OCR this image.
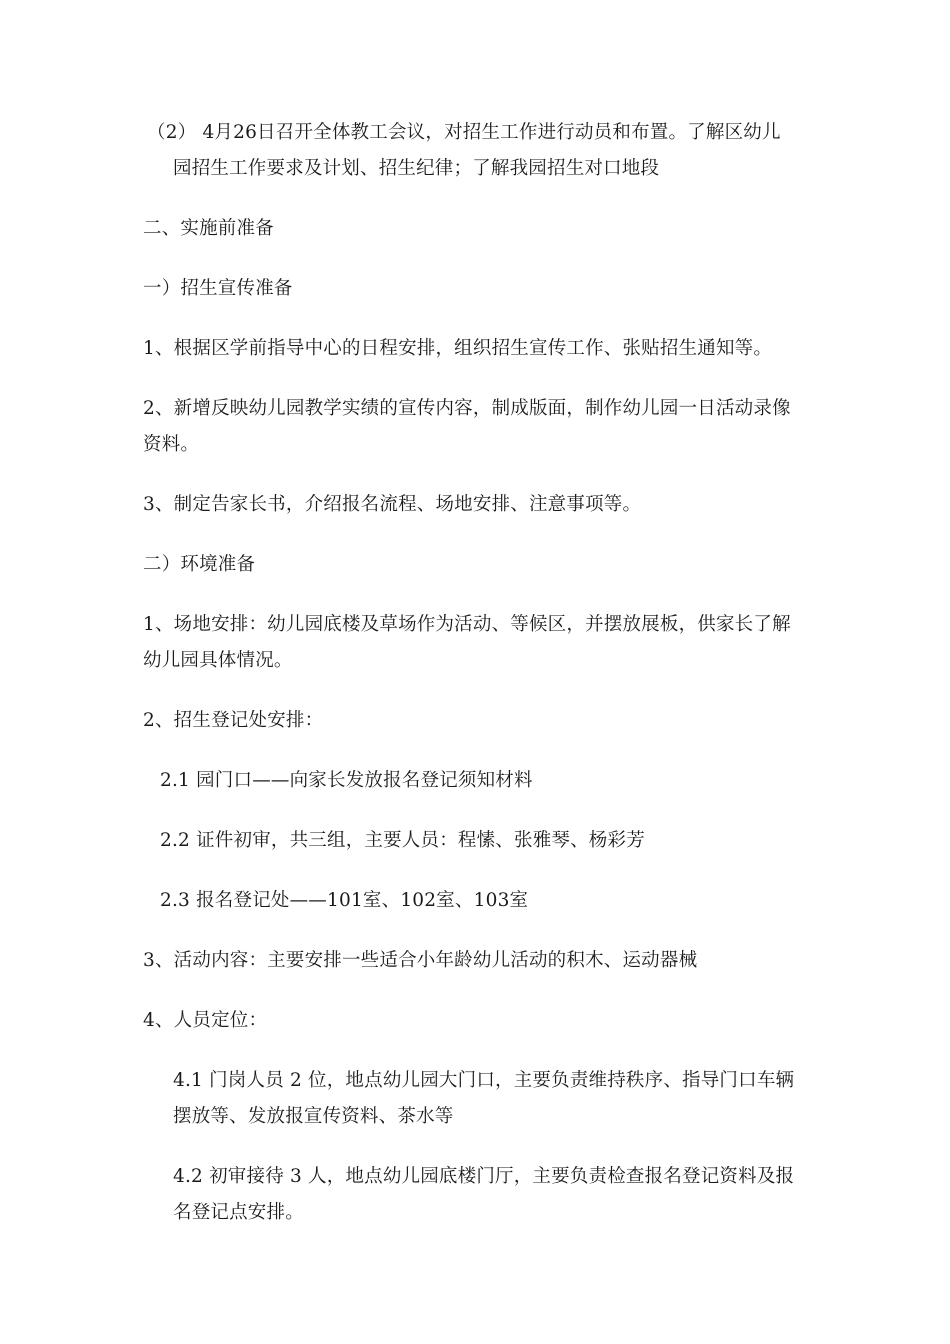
（2） 4月26日召开全体教工会议，对招生工作进行动员和布置。了解区幼儿
园招生工作要求及计划、招生纪律；了解我园招生对口地段
二、实施前准备
一）招生宣传准备
1、根据区学前指导中心的日程安排，组织招生宣传工作、张贴招生通知等。
2、新增反映幼儿园教学实绩的宣传内容，制成版面，制作幼儿园一日活动录像
资料。
3、制定告家长书，介绍报名流程、场地安排、注意事项等。
二）环境准备
1、场地安排：幼儿园底楼及草场作为活动、等候区，并摆放展板，供家长了解
幼儿园具体情况。
2、招生登记处安排：
2.1 园门口——向家长发放报名登记须知材料
2.2 证件初审，共三组，主要人员：程愫、张雅琴、杨彩芳
2.3 报名登记处——101室、102室、103室
3、活动内容：主要安排一些适合小年龄幼儿活动的积木、运动器械
4、人员定位：
4.1 门岗人员 2 位，地点幼儿园大门口，主要负责维持秩序、指导门口车辆
摆放等、发放报宣传资料、茶水等
4.2 初审接待 3 人，地点幼儿园底楼门厅，主要负责检查报名登记资料及报
名登记点安排。
